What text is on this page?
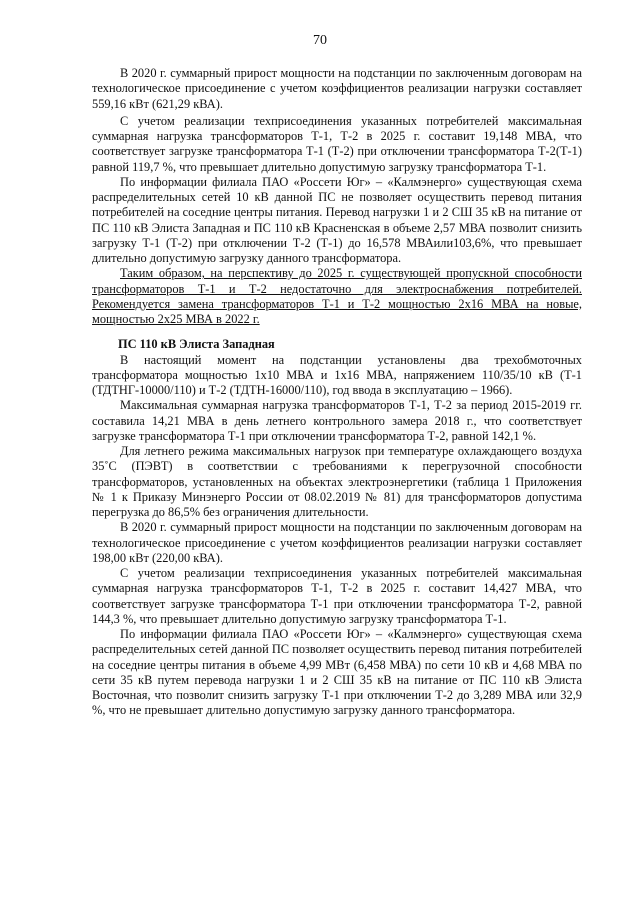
70

В 2020 г. суммарный прирост мощности на подстанции по заключенным договорам на технологическое присоединение с учетом коэффициентов реализации нагрузки составляет 559,16 кВт (621,29 кВА).

С учетом реализации техприсоединения указанных потребителей максимальная суммарная нагрузка трансформаторов Т-1, Т-2 в 2025 г. составит 19,148 МВА, что соответствует загрузке трансформатора Т-1 (Т-2) при отключении трансформатора Т-2(Т-1) равной 119,7 %, что превышает длительно допустимую загрузку трансформатора Т-1.

По информации филиала ПАО «Россети Юг» – «Калмэнерго» существующая схема распределительных сетей 10 кВ данной ПС не позволяет осуществить перевод питания потребителей на соседние центры питания. Перевод нагрузки 1 и 2 СШ 35 кВ на питание от ПС 110 кВ Элиста Западная и ПС 110 кВ Красненская в объеме 2,57 МВА позволит снизить загрузку Т-1 (Т-2) при отключении Т-2 (Т-1) до 16,578 МВАили103,6%, что превышает длительно допустимую загрузку данного трансформатора.

Таким образом, на перспективу до 2025 г. существующей пропускной способности трансформаторов Т-1 и Т-2 недостаточно для электроснабжения потребителей. Рекомендуется замена трансформаторов Т-1 и Т-2 мощностью 2х16 МВА на новые, мощностью 2х25 МВА в 2022 г.

ПС 110 кВ Элиста Западная

В настоящий момент на подстанции установлены два трехобмоточных трансформатора мощностью 1х10 МВА и 1х16 МВА, напряжением 110/35/10 кВ (Т-1 (ТДТНГ-10000/110) и Т-2 (ТДТН-16000/110), год ввода в эксплуатацию – 1966).

Максимальная суммарная нагрузка трансформаторов Т-1, Т-2 за период 2015-2019 гг. составила 14,21 МВА в день летнего контрольного замера 2018 г., что соответствует загрузке трансформатора Т-1 при отключении трансформатора Т-2, равной 142,1 %.

Для летнего режима максимальных нагрузок при температуре охлаждающего воздуха 35˚С (ПЭВТ) в соответствии с требованиями к перегрузочной способности трансформаторов, установленных на объектах электроэнергетики (таблица 1 Приложения № 1 к Приказу Минэнерго России от 08.02.2019 № 81) для трансформаторов допустима перегрузка до 86,5% без ограничения длительности.

В 2020 г. суммарный прирост мощности на подстанции по заключенным договорам на технологическое присоединение с учетом коэффициентов реализации нагрузки составляет 198,00 кВт (220,00 кВА).

С учетом реализации техприсоединения указанных потребителей максимальная суммарная нагрузка трансформаторов Т-1, Т-2 в 2025 г. составит 14,427 МВА, что соответствует загрузке трансформатора Т-1 при отключении трансформатора Т-2, равной 144,3 %, что превышает длительно допустимую загрузку трансформатора Т-1.

По информации филиала ПАО «Россети Юг» – «Калмэнерго» существующая схема распределительных сетей данной ПС позволяет осуществить перевод питания потребителей на соседние центры питания в объеме 4,99 МВт (6,458 МВА) по сети 10 кВ и 4,68 МВА по сети 35 кВ путем перевода нагрузки 1 и 2 СШ 35 кВ на питание от ПС 110 кВ Элиста Восточная, что позволит снизить загрузку Т-1 при отключении Т-2 до 3,289 МВА или 32,9 %, что не превышает длительно допустимую загрузку данного трансформатора.
